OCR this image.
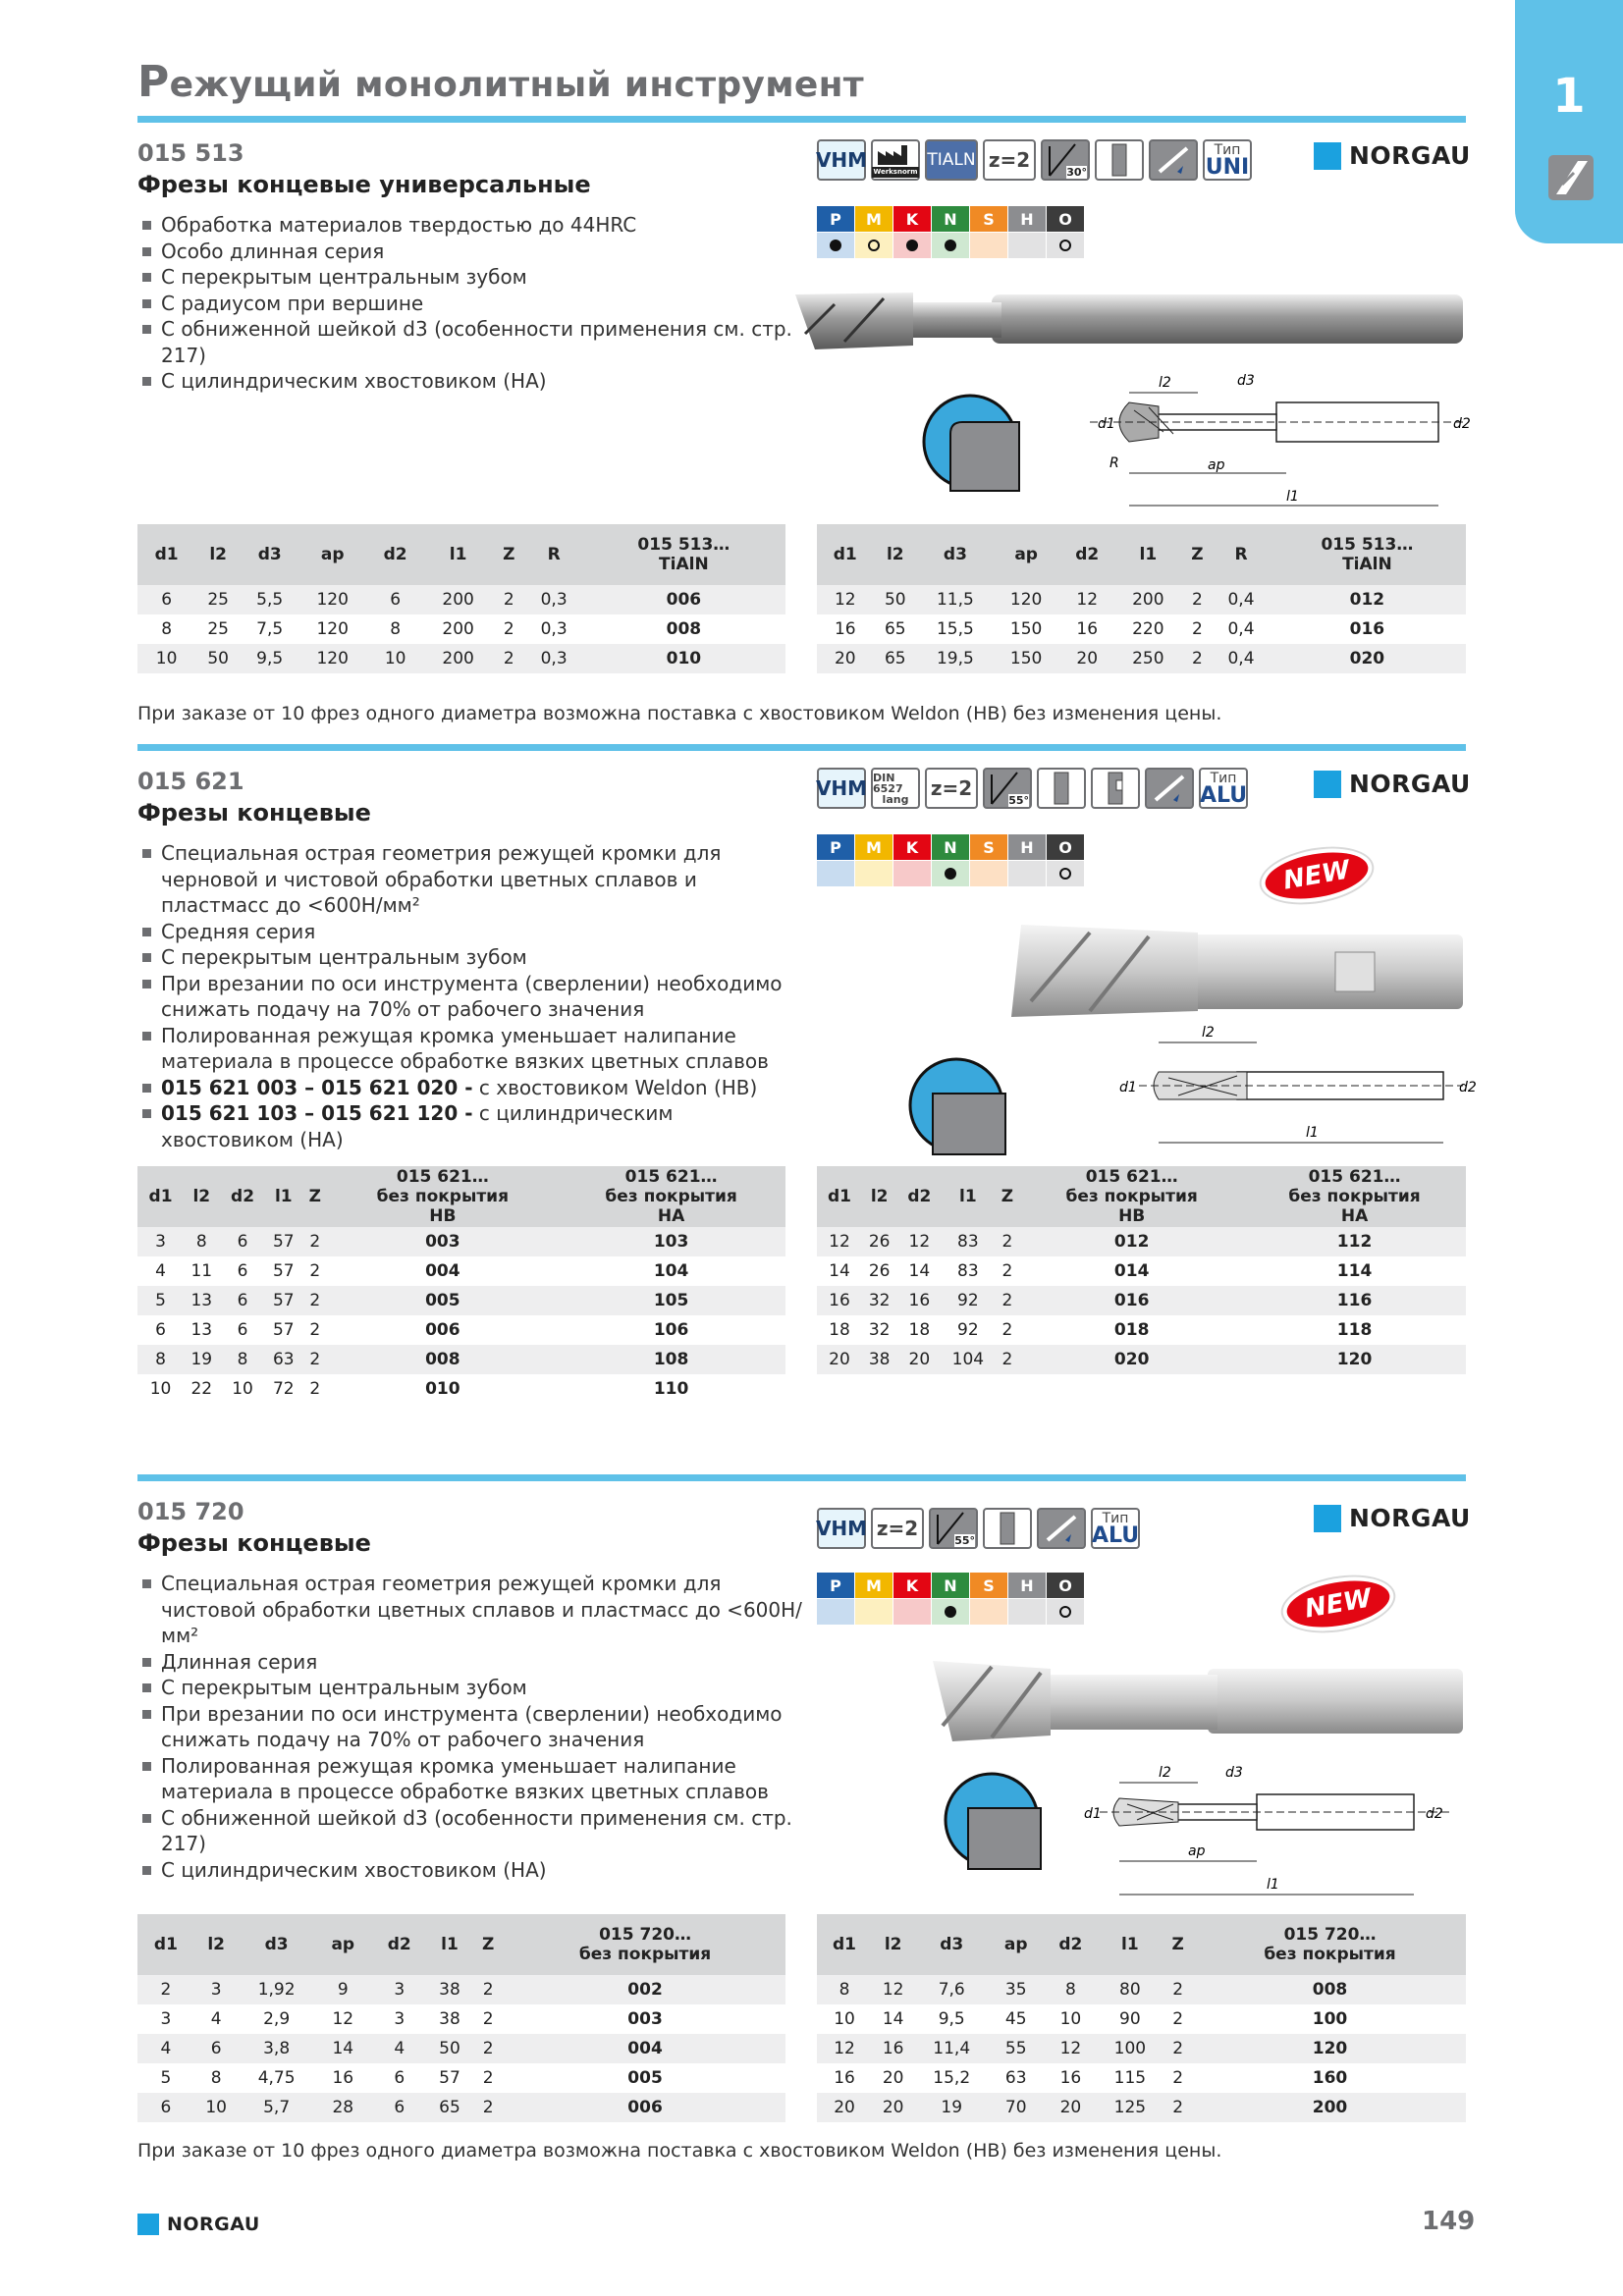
Режущий монолитный инструмент	1
015 513
Фрезы концевые универсальные
Обработка материалов твердостью до 44HRC
Особо длинная серия
С перекрытым центральным зубом
С радиусом при вершине
С обниженной шейкой d3 (особенности применения см. стр. 217)
С цилиндрическим хвостовиком (HA)
VHM Werksnorm
TIALN z=2
30°
Тип
UNI	NORGAU
P	M	K	N	S	H	O
l2	d3
d1	d2
R	ap
l1
d1	l2	d3	ap	d2	l1	Z	R	015 513…
TiAlN
6	25	5,5	120	6	200	2	0,3	006
8	25	7,5	120	8	200	2	0,3	008
10	50	9,5	120	10	200	2	0,3	010
d1	l2	d3	ap	d2	l1	Z	R	015 513…
TiAlN
12	50	11,5	120	12	200	2	0,4	012
16	65	15,5	150	16	220	2	0,4	016
20	65	19,5	150	20	250	2	0,4	020
При заказе от 10 фрез одного диаметра возможна поставка с хвостовиком Weldon (HB) без изменения цены.
015 621
Фрезы концевые
Специальная острая геометрия режущей кромки для черновой и чистовой обработки цветных сплавов и пластмасс до <600Н/мм²
Средняя серия
С перекрытым центральным зубом
При врезании по оси инструмента (сверлении) необходимо снижать подачу на 70% от рабочего значения
Полированная режущая кромка уменьшает налипание материала в процессе обработке вязких цветных сплавов
015 621 003 – 015 621 020 - с хвостовиком Weldon (HB)
015 621 103 – 015 621 120 - с цилиндрическим хвостовиком (HA)
VHM DIN 6527
lang z=2
55°
Тип
ALU	NORGAU
P	M	K	N	S	H	O
NEW
l2
d1	d2
l1
d1	l2	d2	l1	Z	015 621…
без покрытия
HB	015 621…
без покрытия
HA
3	8	6	57	2	003	103
4	11	6	57	2	004	104
5	13	6	57	2	005	105
6	13	6	57	2	006	106
8	19	8	63	2	008	108
10	22	10	72	2	010	110
d1	l2	d2	l1	Z	015 621…
без покрытия
HB	015 621…
без покрытия
HA
12	26	12	83	2	012	112
14	26	14	83	2	014	114
16	32	16	92	2	016	116
18	32	18	92	2	018	118
20	38	20	104	2	020	120
015 720
Фрезы концевые
Специальная острая геометрия режущей кромки для чистовой обработки цветных сплавов и пластмасс до <600Н/мм²
Длинная серия
С перекрытым центральным зубом
При врезании по оси инструмента (сверлении) необходимо снижать подачу на 70% от рабочего значения
Полированная режущая кромка уменьшает налипание материала в процессе обработке вязких цветных сплавов
С обниженной шейкой d3 (особенности применения см. стр. 217)
С цилиндрическим хвостовиком (HA)
VHM z=2
55°
Тип
ALU
NORGAU
P	M	K	N	S	H	O	NEW
l2	d3
d1	d2
ap
l1
d1	l2	d3	ap	d2	l1	Z	015 720…
без покрытия
2	3	1,92	9	3	38	2	002
3	4	2,9	12	3	38	2	003
4	6	3,8	14	4	50	2	004
5	8	4,75	16	6	57	2	005
6	10	5,7	28	6	65	2	006
d1	l2	d3	ap	d2	l1	Z	015 720…
без покрытия
8	12	7,6	35	8	80	2	008
10	14	9,5	45	10	90	2	100
12	16	11,4	55	12	100	2	120
16	20	15,2	63	16	115	2	160
20	20	19	70	20	125	2	200
При заказе от 10 фрез одного диаметра возможна поставка с хвостовиком Weldon (HB) без изменения цены.
NORGAU	149
